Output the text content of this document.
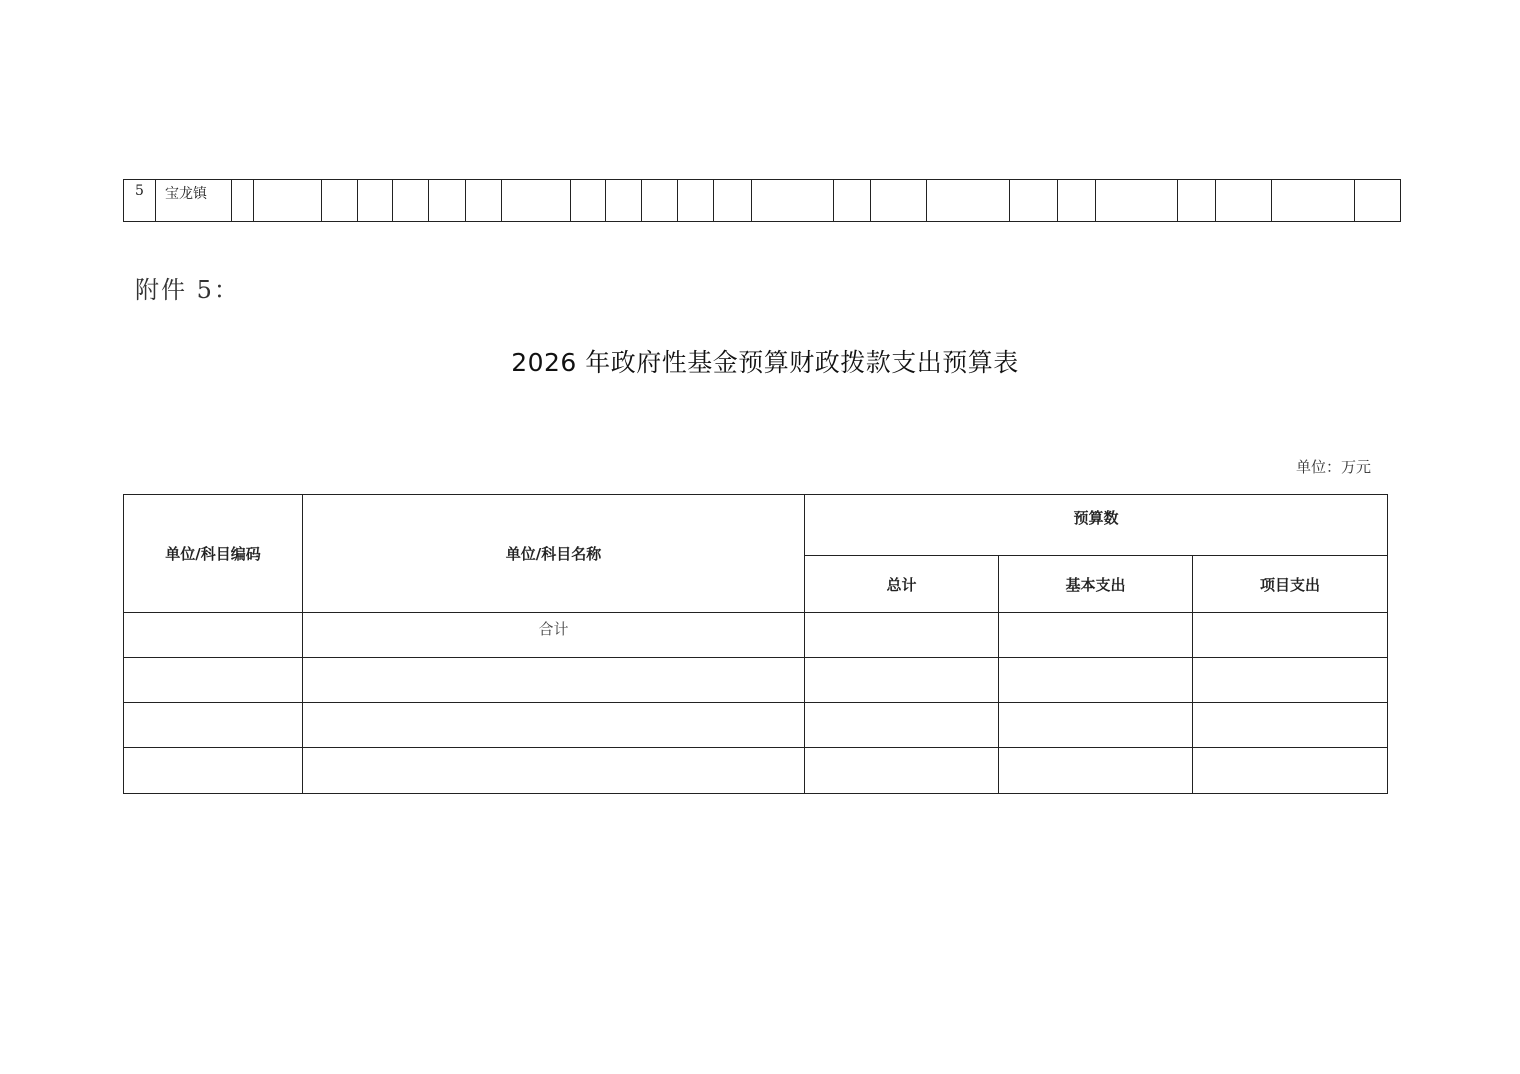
5	宝龙镇																								
附件 5：
2026 年政府性基金预算财政拨款支出预算表
单位：万元
单位/科目编码	单位/科目名称	预算数		
		总计	基本支出	项目支出

	合计			
